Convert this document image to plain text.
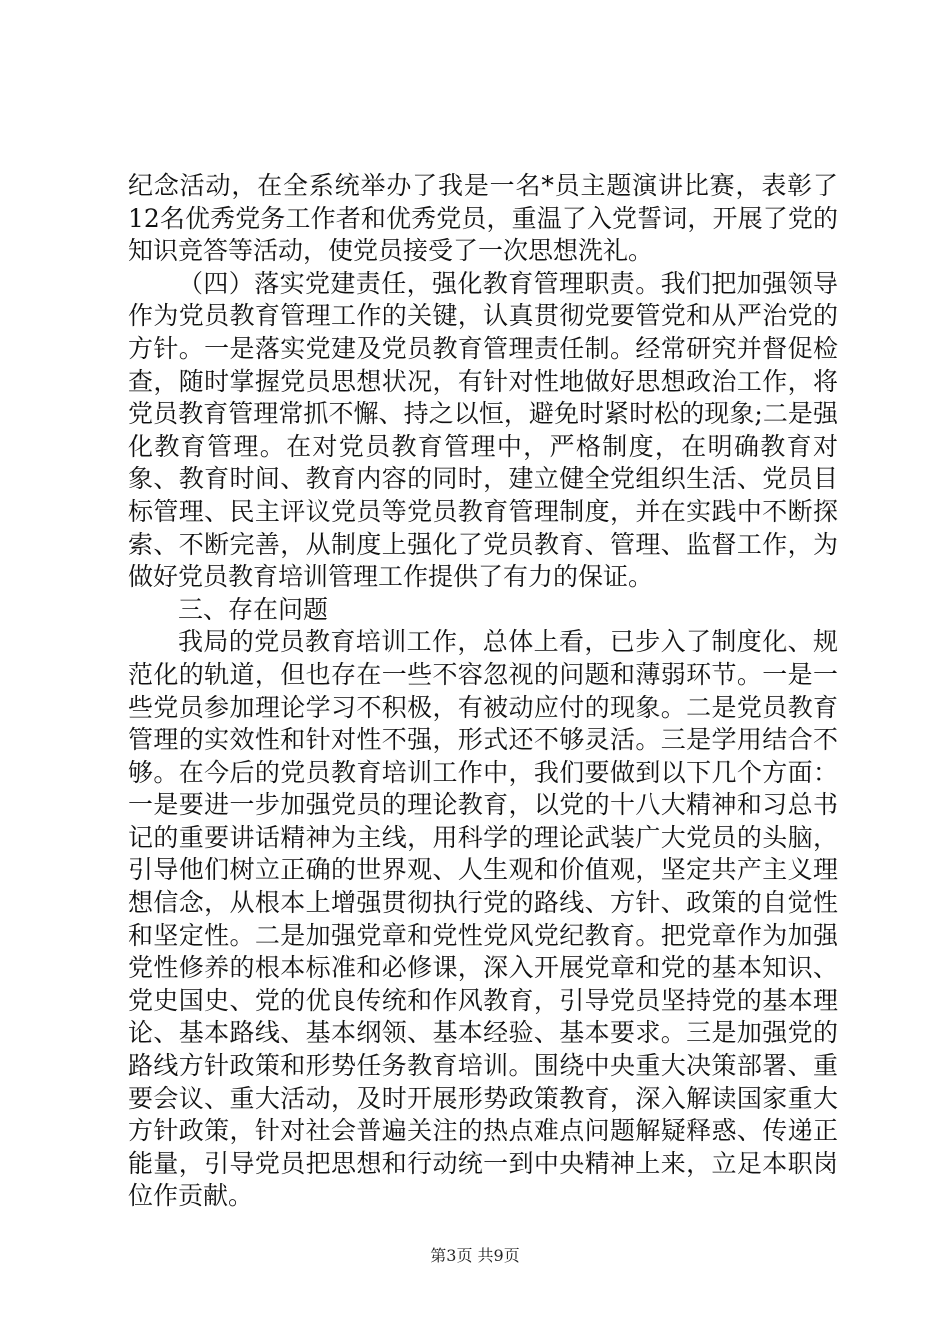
纪念活动，在全系统举办了我是一名*员主题演讲比赛，表彰了12名优秀党务工作者和优秀党员，重温了入党誓词，开展了党的知识竞答等活动，使党员接受了一次思想洗礼。

（四）落实党建责任，强化教育管理职责。我们把加强领导作为党员教育管理工作的关键，认真贯彻党要管党和从严治党的方针。一是落实党建及党员教育管理责任制。经常研究并督促检查，随时掌握党员思想状况，有针对性地做好思想政治工作，将党员教育管理常抓不懈、持之以恒，避免时紧时松的现象;二是强化教育管理。在对党员教育管理中，严格制度，在明确教育对象、教育时间、教育内容的同时，建立健全党组织生活、党员目标管理、民主评议党员等党员教育管理制度，并在实践中不断探索、不断完善，从制度上强化了党员教育、管理、监督工作，为做好党员教育培训管理工作提供了有力的保证。

三、存在问题

我局的党员教育培训工作，总体上看，已步入了制度化、规范化的轨道，但也存在一些不容忽视的问题和薄弱环节。一是一些党员参加理论学习不积极，有被动应付的现象。二是党员教育管理的实效性和针对性不强，形式还不够灵活。三是学用结合不够。在今后的党员教育培训工作中，我们要做到以下几个方面：一是要进一步加强党员的理论教育，以党的十八大精神和习总书记的重要讲话精神为主线，用科学的理论武装广大党员的头脑，引导他们树立正确的世界观、人生观和价值观，坚定共产主义理想信念，从根本上增强贯彻执行党的路线、方针、政策的自觉性和坚定性。二是加强党章和党性党风党纪教育。把党章作为加强党性修养的根本标准和必修课，深入开展党章和党的基本知识、党史国史、党的优良传统和作风教育，引导党员坚持党的基本理论、基本路线、基本纲领、基本经验、基本要求。三是加强党的路线方针政策和形势任务教育培训。围绕中央重大决策部署、重要会议、重大活动，及时开展形势政策教育，深入解读国家重大方针政策，针对社会普遍关注的热点难点问题解疑释惑、传递正能量，引导党员把思想和行动统一到中央精神上来，立足本职岗位作贡献。

第3页 共9页
